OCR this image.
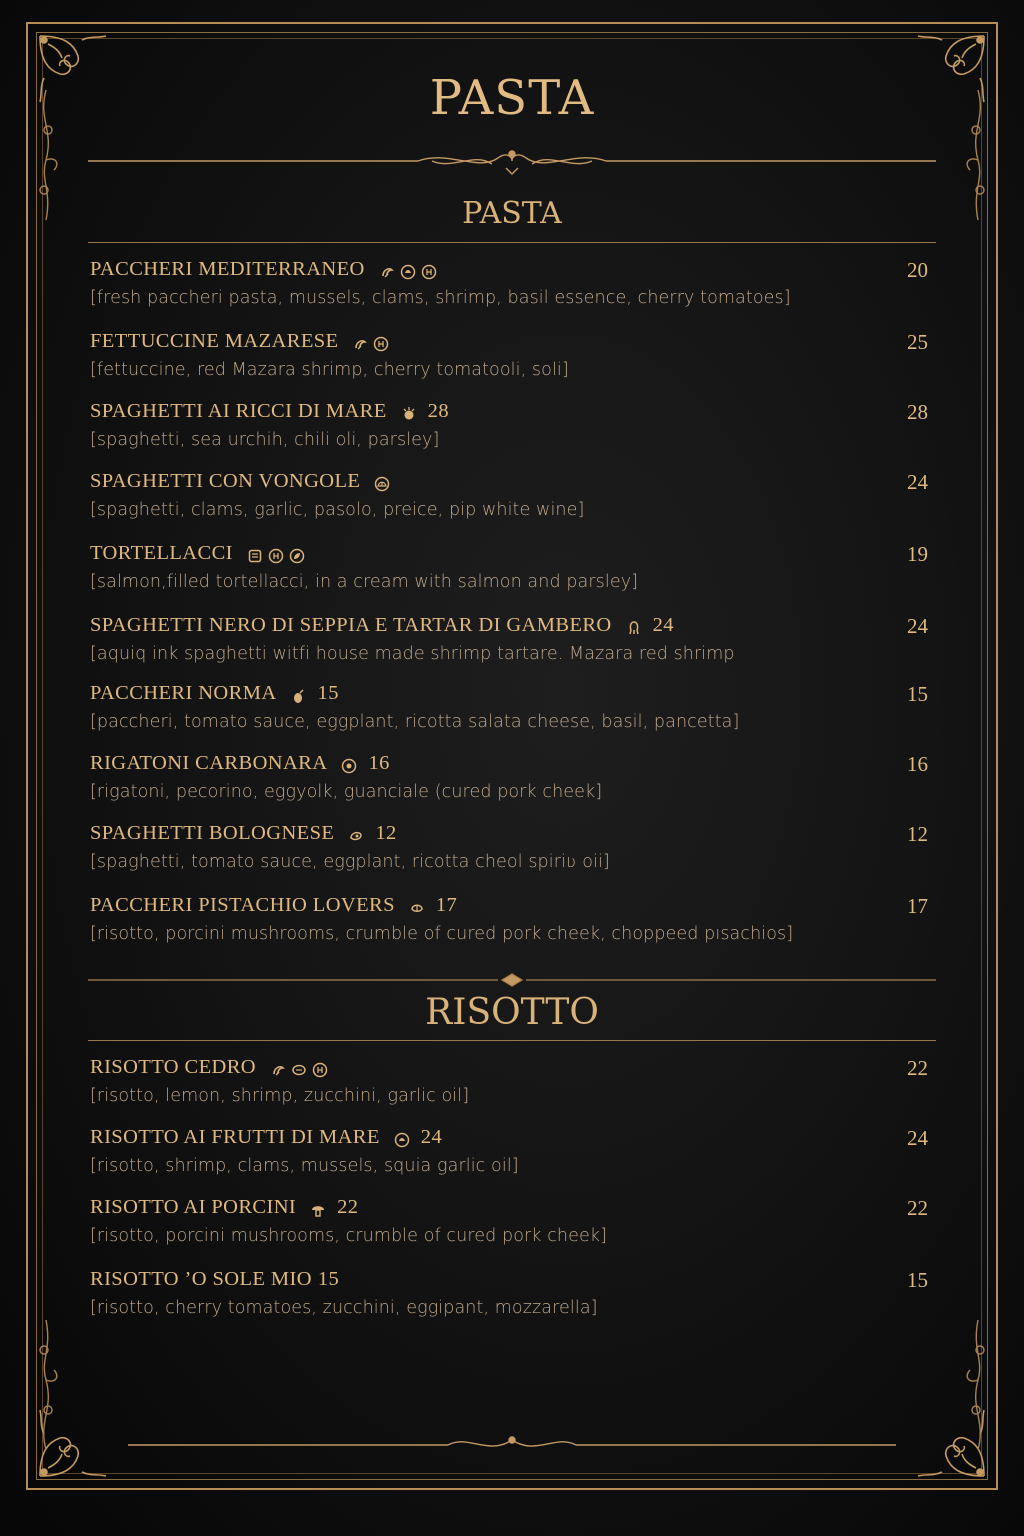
PASTA
PASTA
PACCHERI MEDITERRANEO	20
[fresh paccheri pasta, mussels, clams, shrimp, basil essence, cherry tomatoes]
FETTUCCINE MAZARESE	25
[fettuccine, red Mazara shrimp, cherry tomatooli, soli]
SPAGHETTI AI RICCI DI MARE 28	28
[spaghetti, sea urchih, chili oli, parsley]
SPAGHETTI CON VONGOLE	24
[spaghetti, clams, garlic, pasolo, preice, pip white wine]
TORTELLACCI	19
[salmon,filled tortellacci, in a cream with salmon and parsley]
SPAGHETTI NERO DI SEPPIA E TARTAR DI GAMBERO 24	24
[aquiq ink spaghetti witfi house made shrimp tartare. Mazara red shrimp
PACCHERI NORMA 15	15
[paccheri, tomato sauce, eggplant, ricotta salata cheese, basil, pancetta]
RIGATONI CARBONARA 16	16
[rigatoni, pecorino, eggyolk, guanciale (cured pork cheek]
SPAGHETTI BOLOGNESE 12	12
[spaghetti, tomato sauce, eggplant, ricotta cheol spiriʋ oii]
PACCHERI PISTACHIO LOVERS 17	17
[risotto, porcini mushrooms, crumble of cured pork cheek, choppeed pısachios]
RISOTTO
RISOTTO CEDRO	22
[risotto, lemon, shrimp, zucchini, garlic oil]
RISOTTO AI FRUTTI DI MARE 24	24
[risotto, shrimp, clams, mussels, squia garlic oil]
RISOTTO AI PORCINI 22	22
[risotto, porcini mushrooms, crumble of cured pork cheek]
RISOTTO ’O SOLE MIO 15	15
[risotto, cherry tomatoes, zucchini, eggipant, mozzarella]
